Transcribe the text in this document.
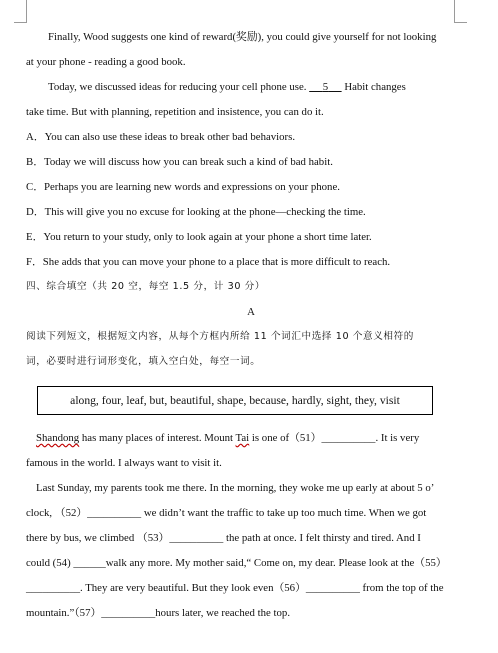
Finally, Wood suggests one kind of reward(奖励), you could give yourself for not looking
at your phone - reading a good book.
Today, we discussed ideas for reducing your cell phone use. 5 Habit changes
take time. But with planning, repetition and insistence, you can do it.
A．You can also use these ideas to break other bad behaviors.
B．Today we will discuss how you can break such a kind of bad habit.
C．Perhaps you are learning new words and expressions on your phone.
D．This will give you no excuse for looking at the phone—checking the time.
E．You return to your study, only to look again at your phone a short time later.
F．She adds that you can move your phone to a place that is more difficult to reach.
四、综合填空（共 20 空，每空 1.5 分，计 30 分）
A
阅读下列短文，根据短文内容，从每个方框内所给 11 个词汇中选择 10 个意义相符的
词，必要时进行词形变化，填入空白处，每空一词。
along, four, leaf, but, beautiful, shape, because, hardly, sight, they, visit
Shandong has many places of interest. Mount Tai is one of（51）__________. It is very
famous in the world. I always want to visit it.
Last Sunday, my parents took me there. In the morning, they woke me up early at about 5 o’
clock, （52）__________ we didn’t want the traffic to take up too much time. When we got
there by bus, we climbed （53）__________ the path at once. I felt thirsty and tired. And I
could (54) ______walk any more. My mother said,“ Come on, my dear. Please look at the（55）
__________. They are very beautiful. But they look even（56）__________ from the top of the
mountain.”（57）__________hours later, we reached the top.
